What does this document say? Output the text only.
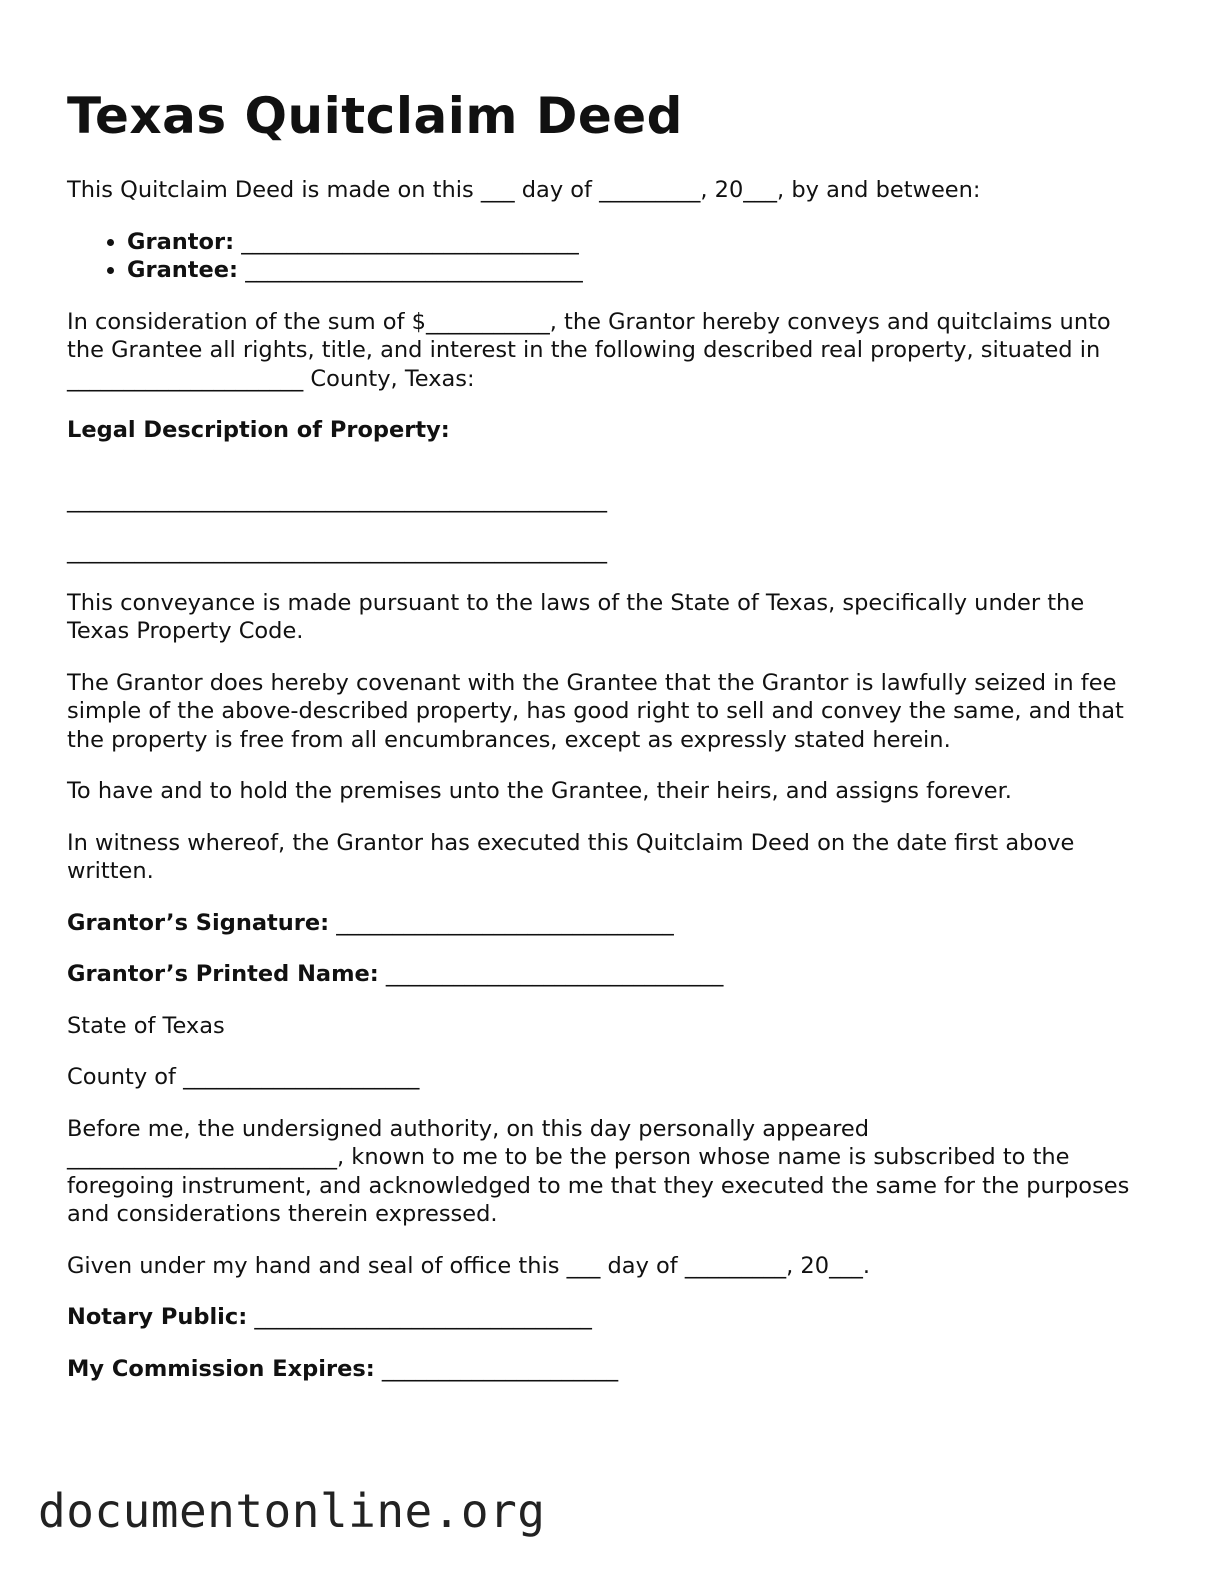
Texas Quitclaim Deed

This Quitclaim Deed is made on this ___ day of _________, 20___, by and between:

• Grantor: ______________________________
• Grantee: ______________________________

In consideration of the sum of $___________, the Grantor hereby conveys and quitclaims unto the Grantee all rights, title, and interest in the following described real property, situated in _____________________ County, Texas:

Legal Description of Property:

________________________________________________
________________________________________________

This conveyance is made pursuant to the laws of the State of Texas, specifically under the Texas Property Code.

The Grantor does hereby covenant with the Grantee that the Grantor is lawfully seized in fee simple of the above-described property, has good right to sell and convey the same, and that the property is free from all encumbrances, except as expressly stated herein.

To have and to hold the premises unto the Grantee, their heirs, and assigns forever.

In witness whereof, the Grantor has executed this Quitclaim Deed on the date first above written.

Grantor’s Signature: ______________________________

Grantor’s Printed Name: ______________________________

State of Texas

County of _____________________

Before me, the undersigned authority, on this day personally appeared ________________________, known to me to be the person whose name is subscribed to the foregoing instrument, and acknowledged to me that they executed the same for the purposes and considerations therein expressed.

Given under my hand and seal of office this ___ day of _________, 20___.

Notary Public: ______________________________

My Commission Expires: _____________________

documentonline.org
